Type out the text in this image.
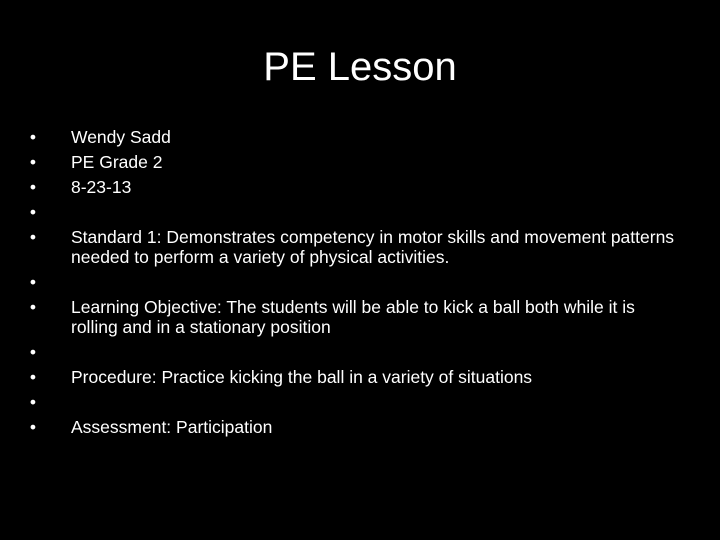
PE Lesson
• Wendy Sadd
• PE Grade 2
• 8-23-13
•
• Standard 1: Demonstrates competency in motor skills and movement patterns needed to perform a variety of physical activities.
•
• Learning Objective: The students will be able to kick a ball both while it is rolling and in a stationary position
•
• Procedure: Practice kicking the ball in a variety of situations
•
• Assessment: Participation
